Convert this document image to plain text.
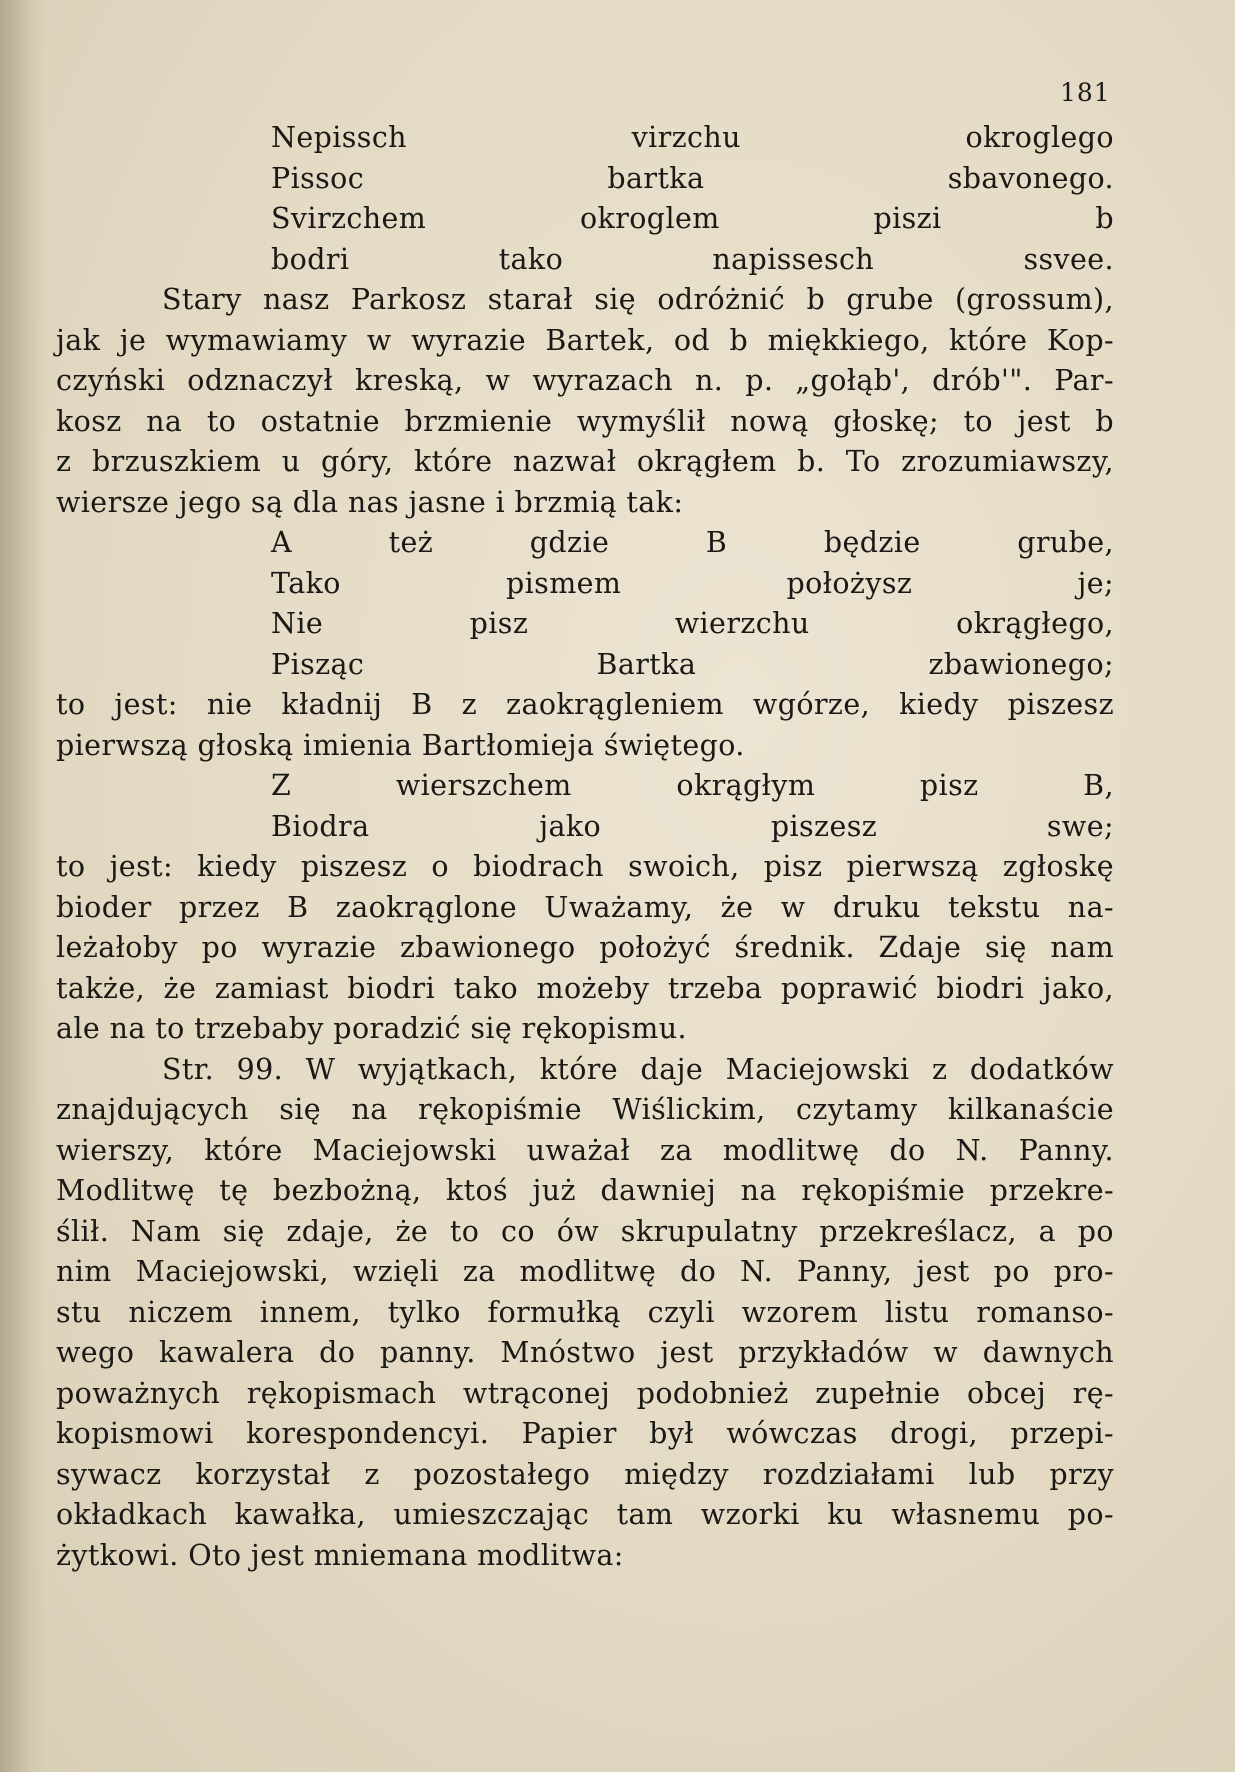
181
Nepissch virzchu okroglego
Pissoc bartka sbavonego.
Svirzchem okroglem piszi b
bodri tako napissesch ssvee.
Stary nasz Parkosz starał się odróżnić b grube (grossum),
jak je wymawiamy w wyrazie Bartek, od b miękkiego, które Kop-
czyński odznaczył kreską, w wyrazach n. p. „gołąb', drób'". Par-
kosz na to ostatnie brzmienie wymyślił nową głoskę; to jest b
z brzuszkiem u góry, które nazwał okrągłem b. To zrozumiawszy,
wiersze jego są dla nas jasne i brzmią tak:
A też gdzie B będzie grube,
Tako pismem położysz je;
Nie pisz wierzchu okrągłego,
Pisząc Bartka zbawionego;
to jest: nie kładnij B z zaokrągleniem wgórze, kiedy piszesz
pierwszą głoską imienia Bartłomieja świętego.
Z wierszchem okrągłym pisz B,
Biodra jako piszesz swe;
to jest: kiedy piszesz o biodrach swoich, pisz pierwszą zgłoskę
bioder przez B zaokrąglone Uważamy, że w druku tekstu na-
leżałoby po wyrazie zbawionego położyć średnik. Zdaje się nam
także, że zamiast biodri tako możeby trzeba poprawić biodri jako,
ale na to trzebaby poradzić się rękopismu.
Str. 99. W wyjątkach, które daje Maciejowski z dodatków
znajdujących się na rękopiśmie Wiślickim, czytamy kilkanaście
wierszy, które Maciejowski uważał za modlitwę do N. Panny.
Modlitwę tę bezbożną, ktoś już dawniej na rękopiśmie przekre-
ślił. Nam się zdaje, że to co ów skrupulatny przekreślacz, a po
nim Maciejowski, wzięli za modlitwę do N. Panny, jest po pro-
stu niczem innem, tylko formułką czyli wzorem listu romanso-
wego kawalera do panny. Mnóstwo jest przykładów w dawnych
poważnych rękopismach wtrąconej podobnież zupełnie obcej rę-
kopismowi korespondencyi. Papier był wówczas drogi, przepi-
sywacz korzystał z pozostałego między rozdziałami lub przy
okładkach kawałka, umieszczając tam wzorki ku własnemu po-
żytkowi. Oto jest mniemana modlitwa:
